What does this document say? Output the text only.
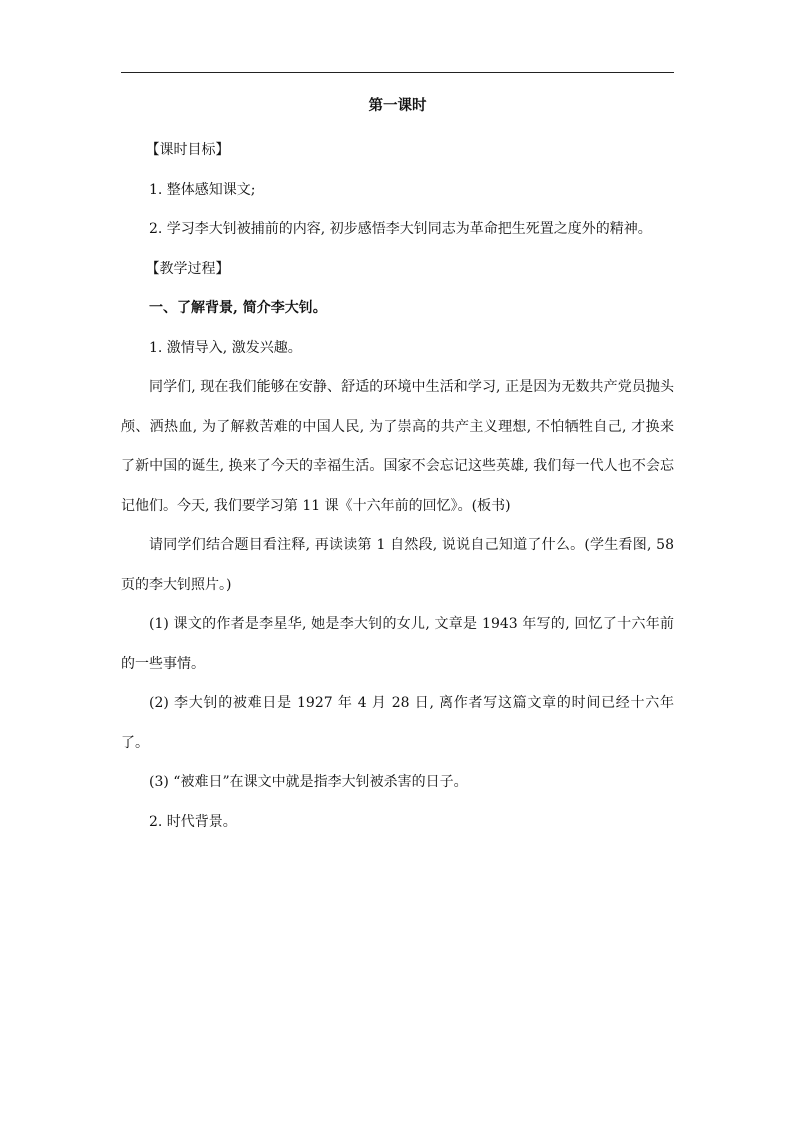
第一课时

【课时目标】

1. 整体感知课文;

2. 学习李大钊被捕前的内容, 初步感悟李大钊同志为革命把生死置之度外的精神。

【教学过程】

一、了解背景, 简介李大钊。

1. 激情导入, 激发兴趣。

同学们, 现在我们能够在安静、舒适的环境中生活和学习, 正是因为无数共产党员抛头颅、洒热血, 为了解救苦难的中国人民, 为了崇高的共产主义理想, 不怕牺牲自己, 才换来了新中国的诞生, 换来了今天的幸福生活。国家不会忘记这些英雄, 我们每一代人也不会忘记他们。今天, 我们要学习第 11 课《十六年前的回忆》。(板书)

请同学们结合题目看注释, 再读读第 1 自然段, 说说自己知道了什么。(学生看图, 58 页的李大钊照片。)

(1) 课文的作者是李星华, 她是李大钊的女儿, 文章是 1943 年写的, 回忆了十六年前的一些事情。

(2) 李大钊的被难日是 1927 年 4 月 28 日, 离作者写这篇文章的时间已经十六年了。

(3) “被难日”在课文中就是指李大钊被杀害的日子。

2. 时代背景。
